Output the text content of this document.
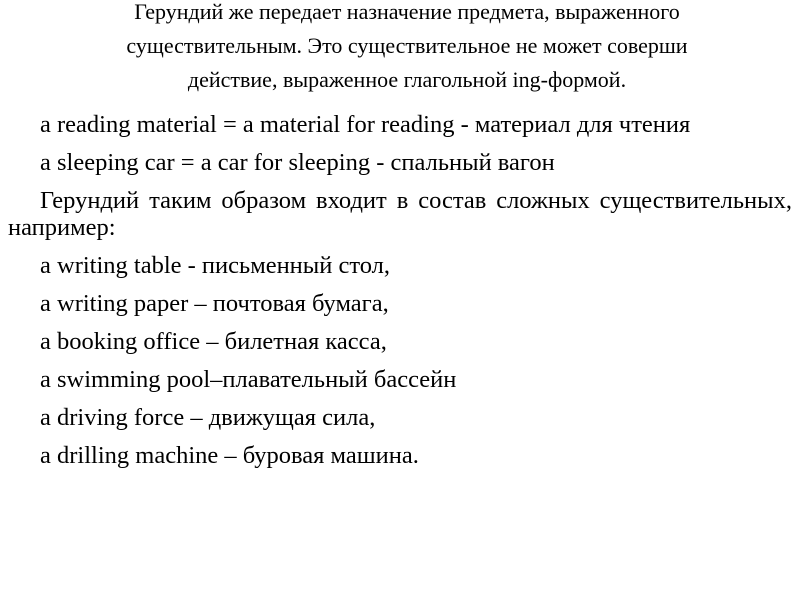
Герундий же передает назначение предмета, выраженного
существительным. Это существительное не может соверши
действие, выраженное глагольной ing-формой.

a reading material = a material for reading - материал для чтения

a sleeping car = a car for sleeping - спальный вагон

Герундий таким образом входит в состав сложных существительных, например:

a writing table - письменный стол,

a writing paper – почтовая бумага,

a booking office – билетная касса,

a swimming pool–плавательный бассейн

a driving force – движущая сила,

a drilling machine – буровая машина.
